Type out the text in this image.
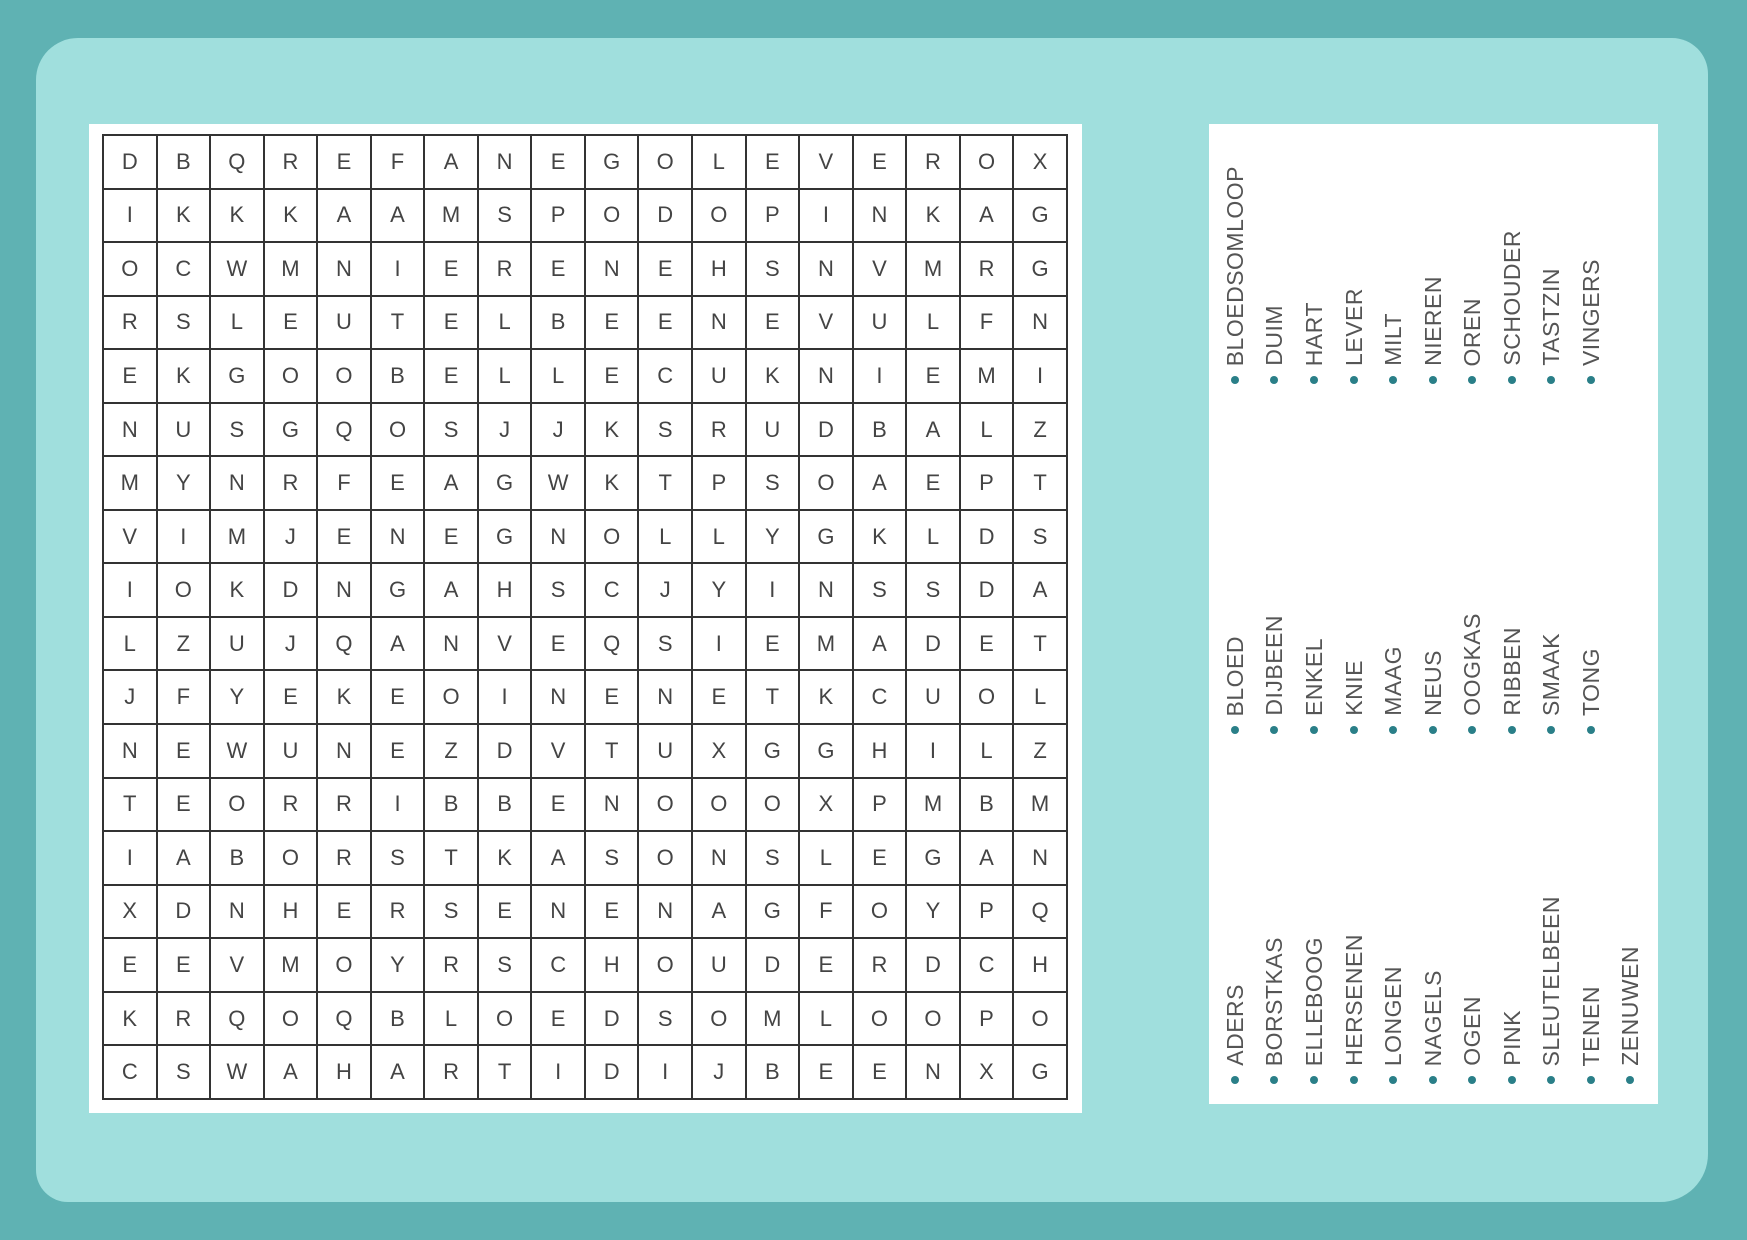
D	B	Q	R	E	F	A	N	E	G	O	L	E	V	E	R	O	X
I	K	K	K	A	A	M	S	P	O	D	O	P	I	N	K	A	G
O	C	W	M	N	I	E	R	E	N	E	H	S	N	V	M	R	G
R	S	L	E	U	T	E	L	B	E	E	N	E	V	U	L	F	N
E	K	G	O	O	B	E	L	L	E	C	U	K	N	I	E	M	I
N	U	S	G	Q	O	S	J	J	K	S	R	U	D	B	A	L	Z
M	Y	N	R	F	E	A	G	W	K	T	P	S	O	A	E	P	T
V	I	M	J	E	N	E	G	N	O	L	L	Y	G	K	L	D	S
I	O	K	D	N	G	A	H	S	C	J	Y	I	N	S	S	D	A
L	Z	U	J	Q	A	N	V	E	Q	S	I	E	M	A	D	E	T
J	F	Y	E	K	E	O	I	N	E	N	E	T	K	C	U	O	L
N	E	W	U	N	E	Z	D	V	T	U	X	G	G	H	I	L	Z
T	E	O	R	R	I	B	B	E	N	O	O	O	X	P	M	B	M
I	A	B	O	R	S	T	K	A	S	O	N	S	L	E	G	A	N
X	D	N	H	E	R	S	E	N	E	N	A	G	F	O	Y	P	Q
E	E	V	M	O	Y	R	S	C	H	O	U	D	E	R	D	C	H
K	R	Q	O	Q	B	L	O	E	D	S	O	M	L	O	O	P	O
C	S	W	A	H	A	R	T	I	D	I	J	B	E	E	N	X	G
BLOEDSOMLOOP DUIM HART LEVER MILT NIEREN OREN SCHOUDER TASTZIN VINGERS
BLOED DIJBEEN ENKEL KNIE MAAG NEUS OOGKAS RIBBEN SMAAK TONG
ADERS BORSTKAS ELLEBOOG HERSENEN LONGEN NAGELS OGEN PINK SLEUTELBEEN TENEN ZENUWEN
